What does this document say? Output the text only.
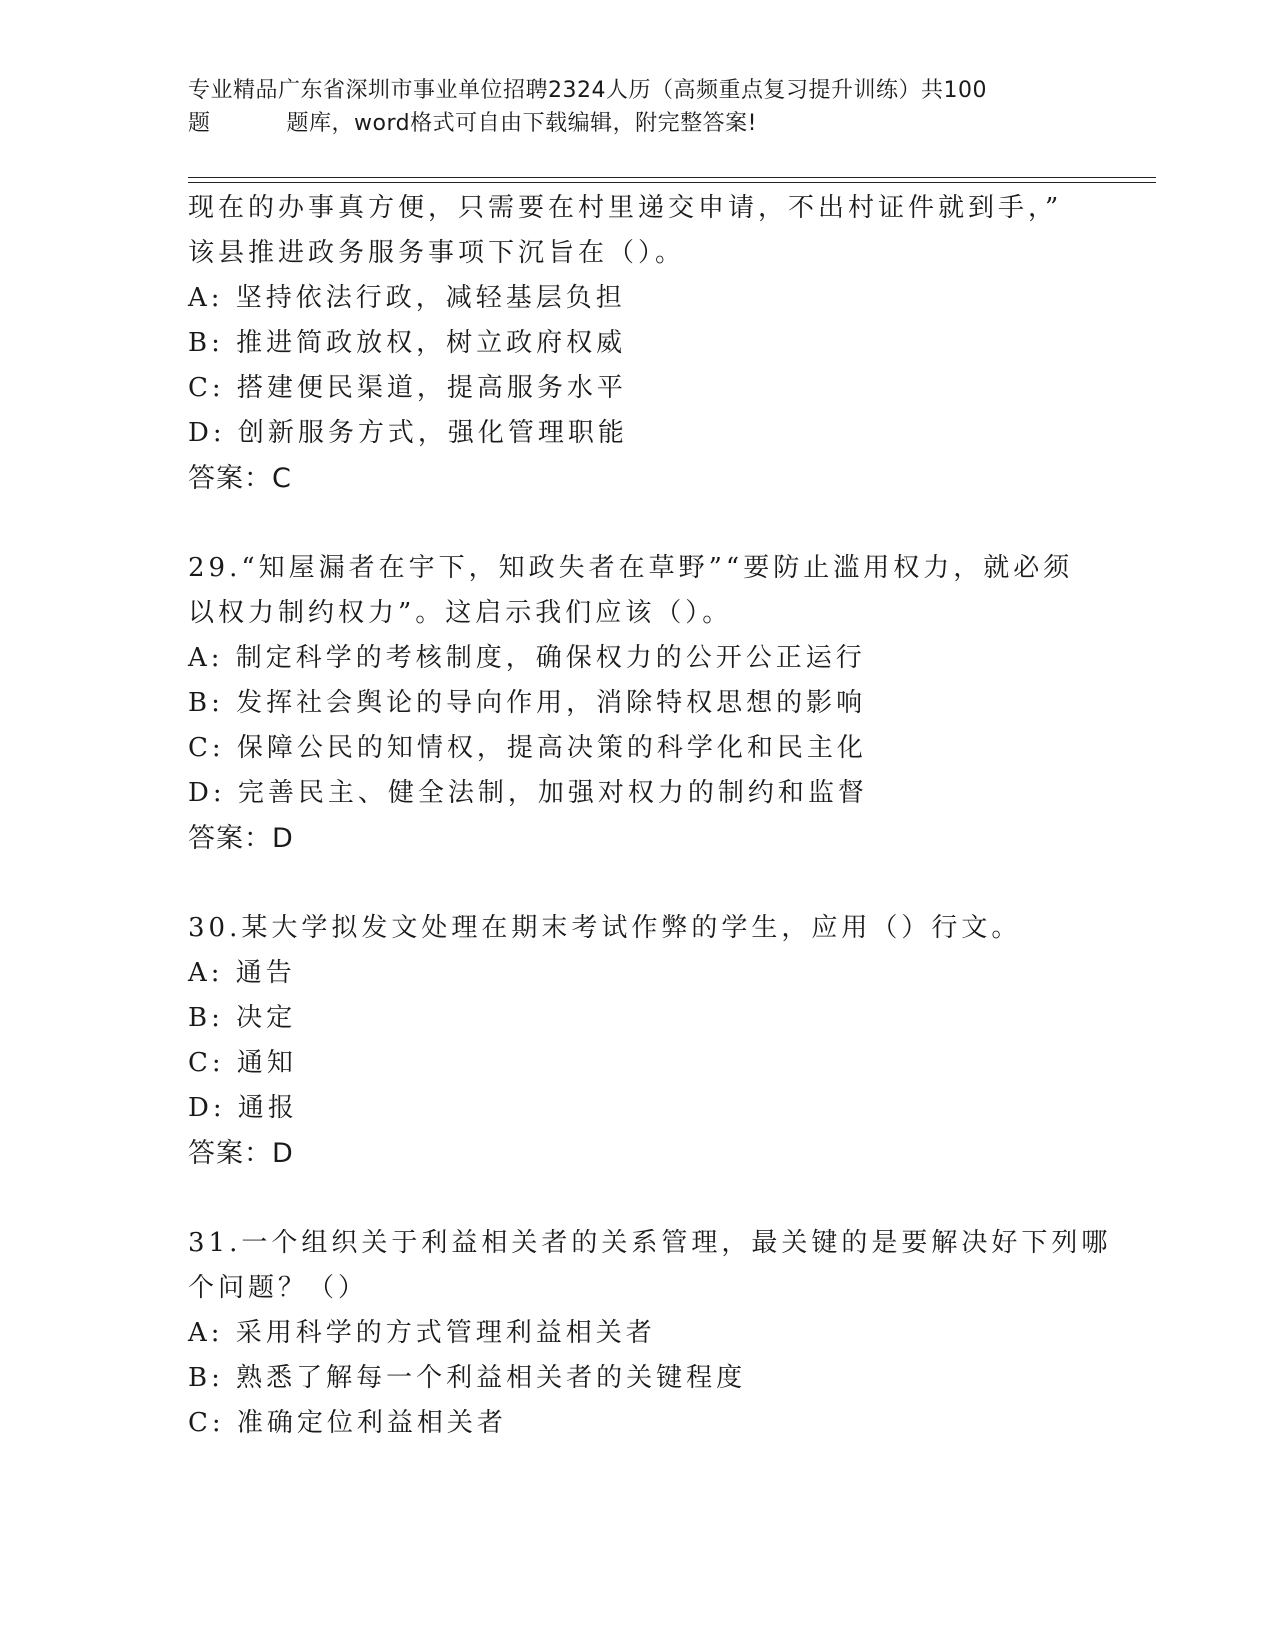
专业精品广东省深圳市事业单位招聘2324人历（高频重点复习提升训练）共100
题	题库，word格式可自由下载编辑，附完整答案!
现在的办事真方便，只需要在村里递交申请，不出村证件就到手，”
该县推进政务服务事项下沉旨在（）。
A: 坚持依法行政，减轻基层负担
B: 推进简政放权，树立政府权威
C: 搭建便民渠道，提高服务水平
D: 创新服务方式，强化管理职能
答案：C
29.“知屋漏者在宇下，知政失者在草野”“要防止滥用权力，就必须
以权力制约权力”。这启示我们应该（）。
A: 制定科学的考核制度，确保权力的公开公正运行
B: 发挥社会舆论的导向作用，消除特权思想的影响
C: 保障公民的知情权，提高决策的科学化和民主化
D: 完善民主、健全法制，加强对权力的制约和监督
答案：D
30.某大学拟发文处理在期末考试作弊的学生，应用（）行文。
A: 通告
B: 决定
C: 通知
D: 通报
答案：D
31.一个组织关于利益相关者的关系管理，最关键的是要解决好下列哪
个问题？（）
A: 采用科学的方式管理利益相关者
B: 熟悉了解每一个利益相关者的关键程度
C: 准确定位利益相关者
